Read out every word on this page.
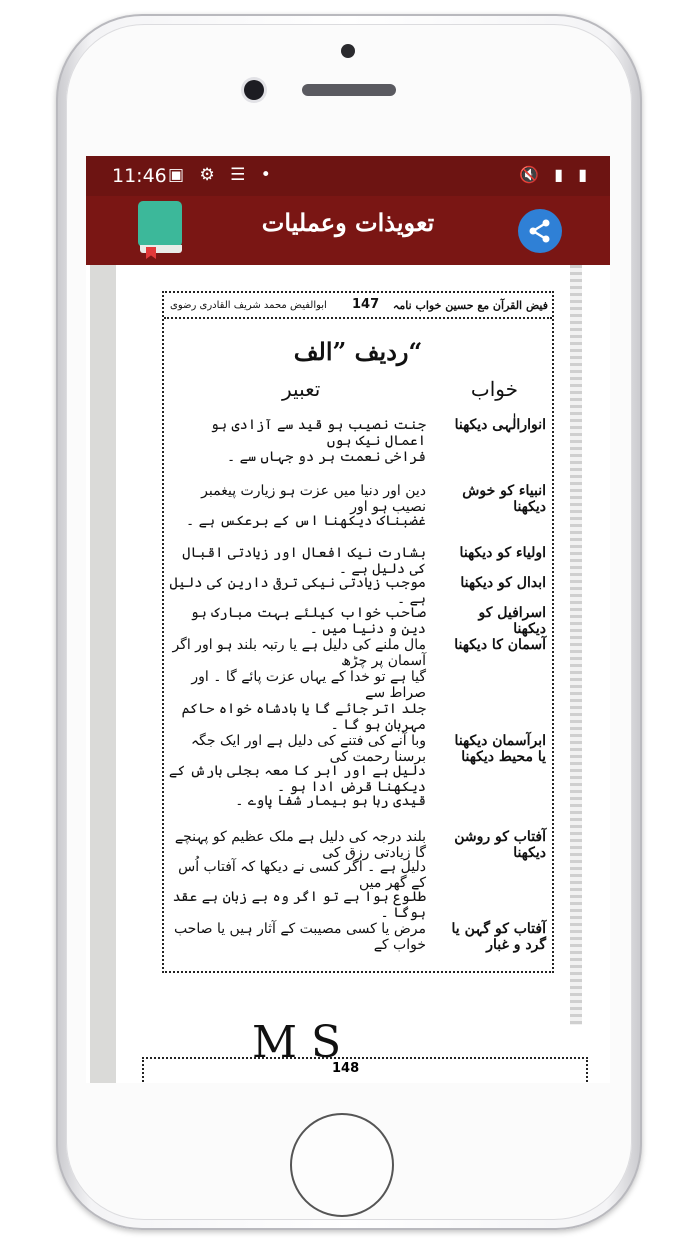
11:46 ▣ ⚙ ☰ •	🔇 ▮ ▮
تعویذات وعملیات
فیض القرآن مع حسین خواب نامہ
147
ابوالفیض محمد شریف القادری رضوی
ردیف ”الف“
خواب
تعبیر
انوارالٰہی دیکھنا
جنت نصیب ہو قید سے آزادی ہو اعمال نیک ہوں
فراخی نعمت ہر دو جہاں سے ۔
انبیاء کو خوش دیکھنا
دین اور دنیا میں عزت ہو زیارت پیغمبر نصیب ہو اور
غضبناک دیکھنا اس کے برعکس ہے ۔
اولیاء کو دیکھنا
بشارت نیک افعال اور زیادتی اقبال کی دلیل ہے ۔
ابدال کو دیکھنا
موجب زیادتی نیکی ترقی دارین کی دلیل ہے ۔
اسرافیل کو دیکھنا
صاحب خواب کیلئے بہت مبارک ہو دین و دنیا میں ۔
آسمان کا دیکھنا
مال ملنے کی دلیل ہے یا رتبہ بلند ہو اور اگر آسمان پر چڑھ
گیا ہے تو خدا کے یہاں عزت پائے گا ۔ اور صراط سے
جلد اتر جائے گا یا بادشاہ خواہ حاکم مہربان ہو گا ۔
ابرآسمان دیکھنا یا محیط دیکھنا
وبا آنے کی فتنے کی دلیل ہے اور ایک جگہ برسنا رحمت کی
دلیل ہے اور ابر کا معہ بجلی بارش کے دیکھنا قرض ادا ہو ۔
قیدی رہا ہو بیمار شفا پاوے ۔
آفتاب کو روشن دیکھنا
بلند درجہ کی دلیل ہے ملک عظیم کو پہنچے گا زیادتی رزق کی
دلیل ہے ۔ اگر کسی نے دیکھا کہ آفتاب اُس کے گھر میں
طلوع ہوا ہے تو اگر وہ بے زبان ہے عقد ہوگا ۔
آفتاب کو گہن یا گرد و غبار
مرض یا کسی مصیبت کے آثار ہیں یا صاحب خواب کے
M S
148
